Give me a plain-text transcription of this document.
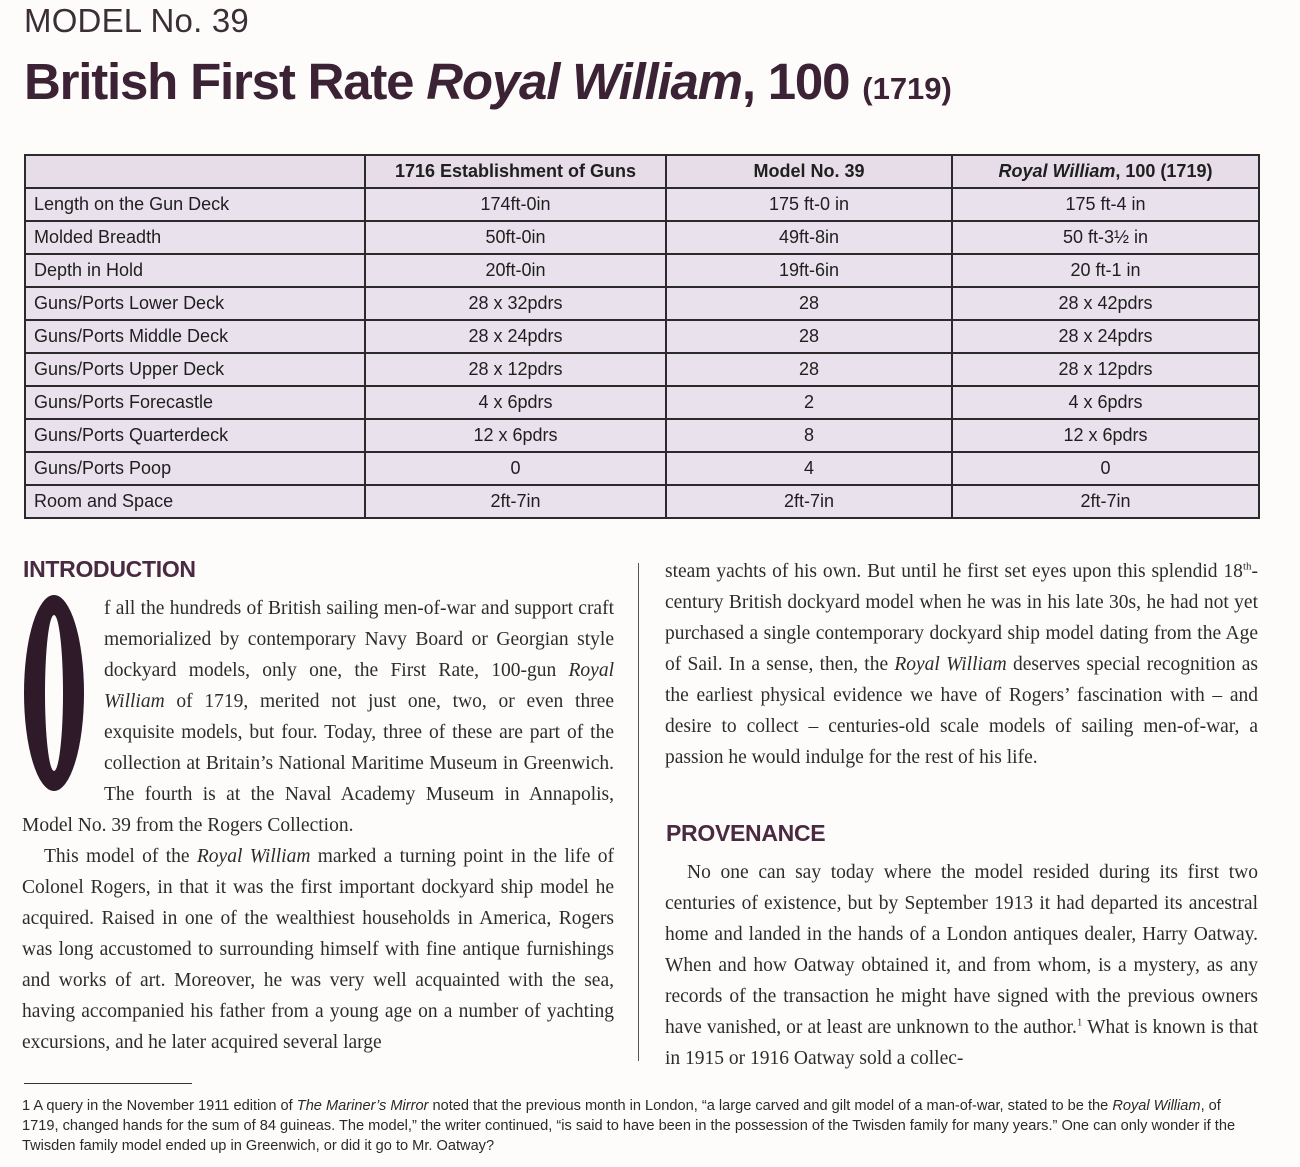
MODEL No. 39
British First Rate Royal William, 100 (1719)
	1716 Establishment of Guns	Model No. 39	Royal William, 100 (1719)
Length on the Gun Deck	174ft-0in	175 ft-0 in	175 ft-4 in
Molded Breadth	50ft-0in	49ft-8in	50 ft-3½ in
Depth in Hold	20ft-0in	19ft-6in	20 ft-1 in
Guns/Ports Lower Deck	28 x 32pdrs	28	28 x 42pdrs
Guns/Ports Middle Deck	28 x 24pdrs	28	28 x 24pdrs
Guns/Ports Upper Deck	28 x 12pdrs	28	28 x 12pdrs
Guns/Ports Forecastle	4 x 6pdrs	2	4 x 6pdrs
Guns/Ports Quarterdeck	12 x 6pdrs	8	12 x 6pdrs
Guns/Ports Poop	0	4	0
Room and Space	2ft-7in	2ft-7in	2ft-7in
INTRODUCTION

f all the hundreds of British sailing men-of-war and support craft memorialized by contemporary Navy Board or Georgian style dockyard models, only one, the First Rate, 100-gun Royal William of 1719, merited not just one, two, or even three exquisite models, but four. Today, three of these are part of the collection at Britain’s National Maritime Museum in Greenwich. The fourth is at the Naval Academy Museum in Annapolis, Model No. 39 from the Rogers Collection.

This model of the Royal William marked a turning point in the life of Colonel Rogers, in that it was the first important dockyard ship model he acquired. Raised in one of the wealthiest households in America, Rogers was long accustomed to surrounding himself with fine antique furnishings and works of art. Moreover, he was very well acquainted with the sea, having accompanied his father from a young age on a number of yachting excursions, and he later acquired several large

steam yachts of his own. But until he first set eyes upon this splendid 18th-century British dockyard model when he was in his late 30s, he had not yet purchased a single contemporary dockyard ship model dating from the Age of Sail. In a sense, then, the Royal William deserves special recognition as the earliest physical evidence we have of Rogers’ fascination with – and desire to collect – centuries-old scale models of sailing men-of-war, a passion he would indulge for the rest of his life.

PROVENANCE

No one can say today where the model resided during its first two centuries of existence, but by September 1913 it had departed its ancestral home and landed in the hands of a London antiques dealer, Harry Oatway. When and how Oatway obtained it, and from whom, is a mystery, as any records of the transaction he might have signed with the previous owners have vanished, or at least are unknown to the author.$^1$ What is known is that in 1915 or 1916 Oatway sold a collec-

1 A query in the November 1911 edition of The Mariner’s Mirror noted that the previous month in London, “a large carved and gilt model of a man-of-war, stated to be the Royal William, of 1719, changed hands for the sum of 84 guineas. The model,” the writer continued, “is said to have been in the possession of the Twisden family for many years.” One can only wonder if the Twisden family model ended up in Greenwich, or did it go to Mr. Oatway?
